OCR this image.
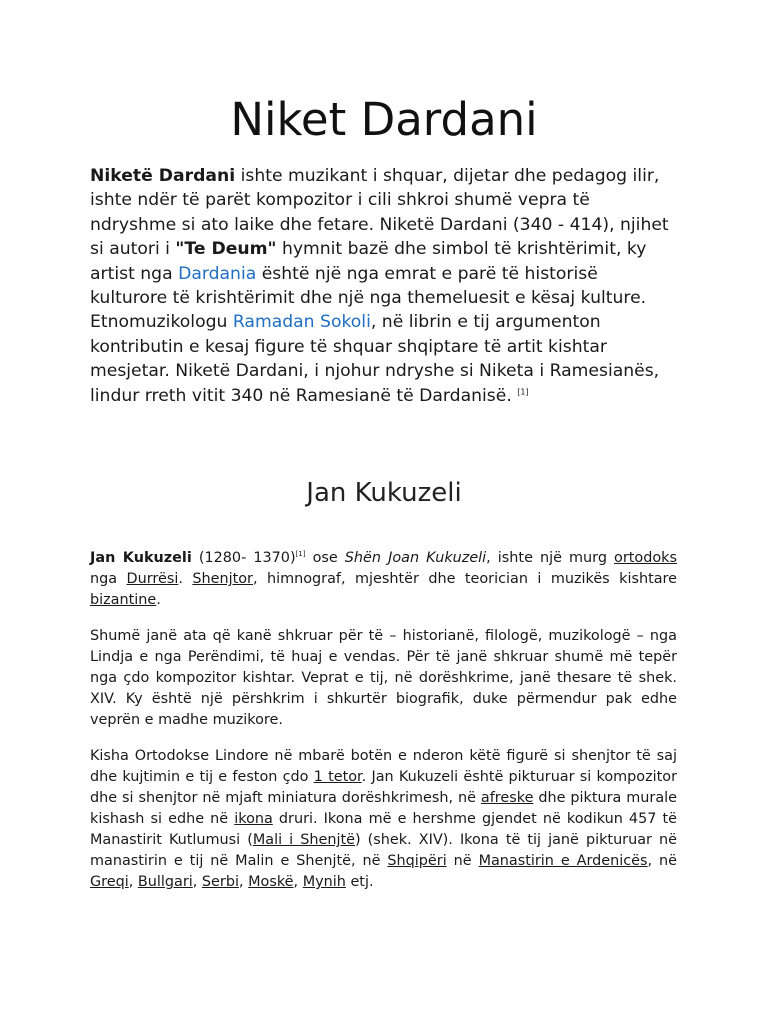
Niket Dardani

Niketë Dardani ishte muzikant i shquar, dijetar dhe pedagog ilir, ishte ndër të parët kompozitor i cili shkroi shumë vepra të ndryshme si ato laike dhe fetare. Niketë Dardani (340 - 414), njihet si autori i "Te Deum" hymnit bazë dhe simbol të krishtërimit, ky artist nga Dardania është një nga emrat e parë të historisë kulturore të krishtërimit dhe një nga themeluesit e kësaj kulture. Etnomuzikologu Ramadan Sokoli, në librin e tij argumenton kontributin e kesaj figure të shquar shqiptare të artit kishtar mesjetar. Niketë Dardani, i njohur ndryshe si Niketa i Ramesianës, lindur rreth vitit 340 në Ramesianë të Dardanisë. [1]

Jan Kukuzeli

Jan Kukuzeli (1280- 1370)[1] ose Shën Joan Kukuzeli, ishte një murg ortodoks nga Durrësi. Shenjtor, himnograf, mjeshtër dhe teorician i muzikës kishtare bizantine.

Shumë janë ata që kanë shkruar për të – historianë, filologë, muzikologë – nga Lindja e nga Perëndimi, të huaj e vendas. Për të janë shkruar shumë më tepër nga çdo kompozitor kishtar. Veprat e tij, në dorëshkrime, janë thesare të shek. XIV. Ky është një përshkrim i shkurtër biografik, duke përmendur pak edhe veprën e madhe muzikore.

Kisha Ortodokse Lindore në mbarë botën e nderon këtë figurë si shenjtor të saj dhe kujtimin e tij e feston çdo 1 tetor. Jan Kukuzeli është pikturuar si kompozitor dhe si shenjtor në mjaft miniatura dorëshkrimesh, në afreske dhe piktura murale kishash si edhe në ikona druri. Ikona më e hershme gjendet në kodikun 457 të Manastirit Kutlumusi (Mali i Shenjtë) (shek. XIV). Ikona të tij janë pikturuar në manastirin e tij në Malin e Shenjtë, në Shqipëri në Manastirin e Ardenicës, në Greqi, Bullgari, Serbi, Moskë, Mynih etj.
